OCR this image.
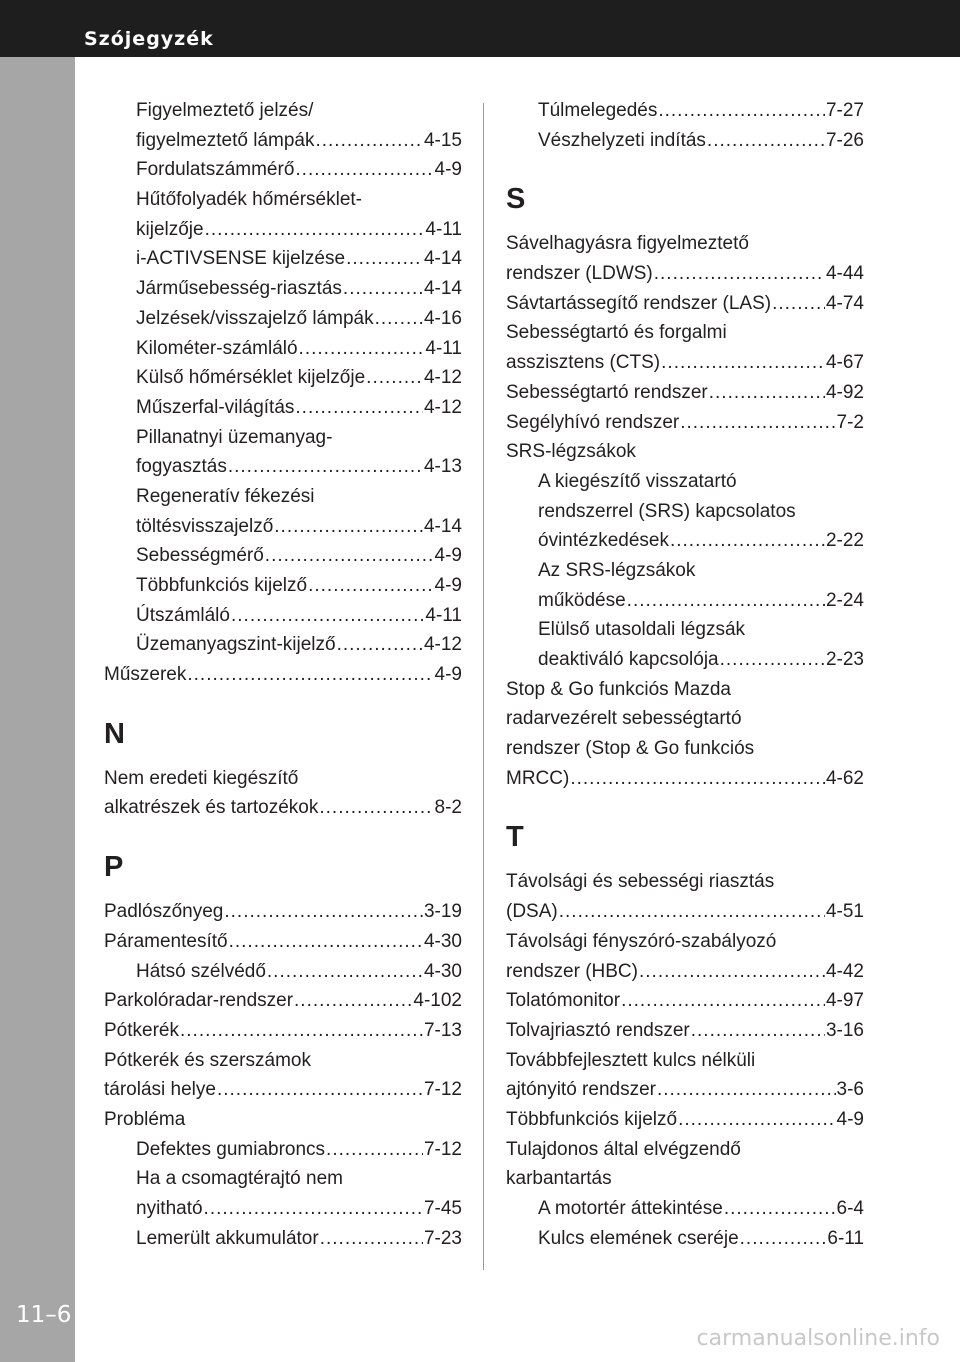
Szójegyzék
11–6
Figyelmeztető jelzés/
figyelmeztető lámpák .....	4-15
Fordulatszámmérő .....	4-9
Hűtőfolyadék hőmérséklet-
kijelzője .....	4-11
i-ACTIVSENSE kijelzése .....	4-14
Járműsebesség-riasztás .....	4-14
Jelzések/visszajelző lámpák .....	4-16
Kilométer-számláló .....	4-11
Külső hőmérséklet kijelzője .....	4-12
Műszerfal-világítás .....	4-12
Pillanatnyi üzemanyag-
fogyasztás .....	4-13
Regeneratív fékezési
töltésvisszajelző .....	4-14
Sebességmérő .....	4-9
Többfunkciós kijelző .....	4-9
Útszámláló .....	4-11
Üzemanyagszint-kijelző .....	4-12
Műszerek .....	4-9
N
Nem eredeti kiegészítő
alkatrészek és tartozékok .....	8-2
P
Padlószőnyeg .....	3-19
Páramentesítő .....	4-30
Hátsó szélvédő .....	4-30
Parkolóradar-rendszer .....	4-102
Pótkerék .....	7-13
Pótkerék és szerszámok
tárolási helye .....	7-12
Probléma
Defektes gumiabroncs .....	7-12
Ha a csomagtérajtó nem
nyitható .....	7-45
Lemerült akkumulátor .....	7-23
Túlmelegedés .....	7-27
Vészhelyzeti indítás .....	7-26
S
Sávelhagyásra figyelmeztető
rendszer (LDWS) .....	4-44
Sávtartássegítő rendszer (LAS) .....	4-74
Sebességtartó és forgalmi
asszisztens (CTS) .....	4-67
Sebességtartó rendszer .....	4-92
Segélyhívó rendszer .....	7-2
SRS-légzsákok
A kiegészítő visszatartó
rendszerrel (SRS) kapcsolatos
óvintézkedések .....	2-22
Az SRS-légzsákok
működése .....	2-24
Elülső utasoldali légzsák
deaktiváló kapcsolója .....	2-23
Stop & Go funkciós Mazda
radarvezérelt sebességtartó
rendszer (Stop & Go funkciós
MRCC) .....	4-62
T
Távolsági és sebességi riasztás
(DSA) .....	4-51
Távolsági fényszóró-szabályozó
rendszer (HBC) .....	4-42
Tolatómonitor .....	4-97
Tolvajriasztó rendszer .....	3-16
Továbbfejlesztett kulcs nélküli
ajtónyitó rendszer .....	3-6
Többfunkciós kijelző .....	4-9
Tulajdonos által elvégzendő
karbantartás
A motortér áttekintése .....	6-4
Kulcs elemének cseréje .....	6-11
carmanualsonline.info
